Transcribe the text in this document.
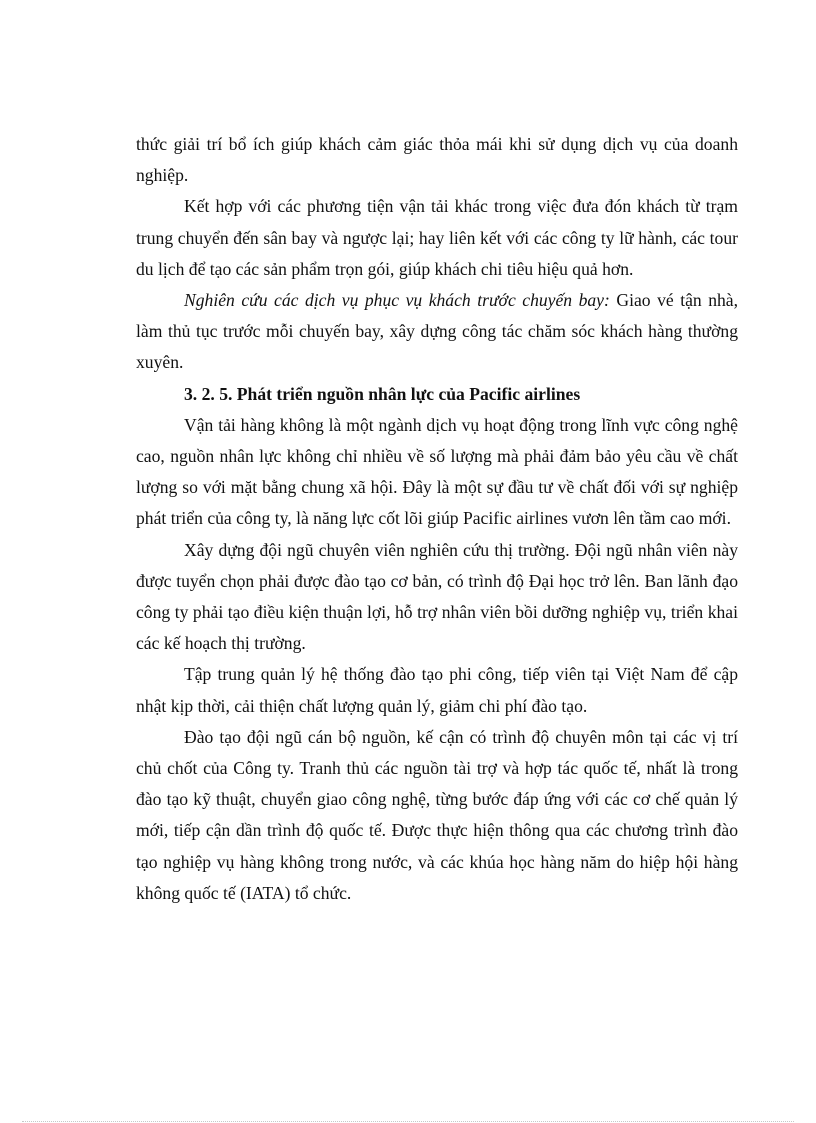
thức giải trí bổ ích giúp khách cảm giác thỏa mái khi sử dụng dịch vụ của doanh nghiệp.

Kết hợp với các phương tiện vận tải khác trong việc đưa đón khách từ trạm trung chuyển đến sân bay và ngược lại; hay liên kết với các công ty lữ hành, các tour du lịch để tạo các sản phẩm trọn gói, giúp khách chi tiêu hiệu quả hơn.

Nghiên cứu các dịch vụ phục vụ khách trước chuyến bay: Giao vé tận nhà, làm thủ tục trước mỗi chuyến bay, xây dựng công tác chăm sóc khách hàng thường xuyên.

3. 2. 5. Phát triển nguồn nhân lực của Pacific airlines

Vận tải hàng không là một ngành dịch vụ hoạt động trong lĩnh vực công nghệ cao, nguồn nhân lực không chỉ nhiều về số lượng mà phải đảm bảo yêu cầu về chất lượng so với mặt bằng chung xã hội. Đây là một sự đầu tư về chất đối với sự nghiệp phát triển của công ty, là năng lực cốt lõi giúp Pacific airlines vươn lên tầm cao mới.

Xây dựng đội ngũ chuyên viên nghiên cứu thị trường. Đội ngũ nhân viên này được tuyển chọn phải được đào tạo cơ bản, có trình độ Đại học trở lên. Ban lãnh đạo công ty phải tạo điều kiện thuận lợi, hỗ trợ nhân viên bồi dưỡng nghiệp vụ, triển khai các kế hoạch thị trường.

Tập trung quản lý hệ thống đào tạo phi công, tiếp viên tại Việt Nam để cập nhật kịp thời, cải thiện chất lượng quản lý, giảm chi phí đào tạo.

Đào tạo đội ngũ cán bộ nguồn, kế cận có trình độ chuyên môn tại các vị trí chủ chốt của Công ty. Tranh thủ các nguồn tài trợ và hợp tác quốc tế, nhất là trong đào tạo kỹ thuật, chuyển giao công nghệ, từng bước đáp ứng với các cơ chế quản lý mới, tiếp cận dần trình độ quốc tế. Được thực hiện thông qua các chương trình đào tạo nghiệp vụ hàng không trong nước, và các khúa học hàng năm do hiệp hội hàng không quốc tế (IATA) tổ chức.
